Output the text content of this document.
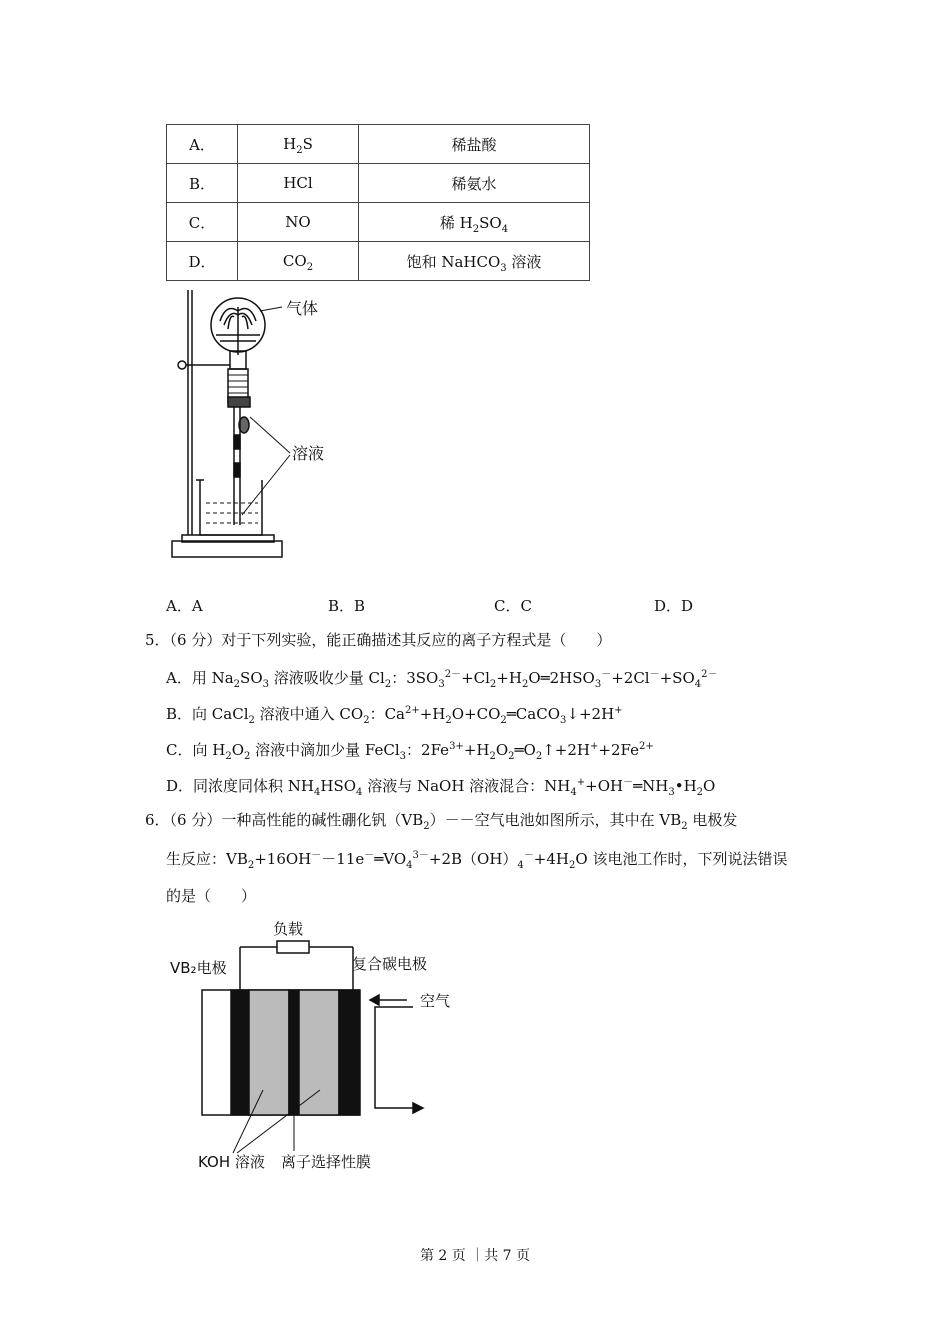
A．	$H_2S$	稀盐酸
B．	HCl	稀氨水
C．	NO	稀 $H_2SO_4$
D．	$CO_2$	饱和 NaHCO$_3$ 溶液
气体
溶液
A．A	B．B	C．C	D．D
5．（6 分）对于下列实验，能正确描述其反应的离子方程式是（　　）
A．用 $Na_2SO_3$ 溶液吸收少量 $Cl_2$：$3SO_3^{2-}+Cl_2+H_2O═2HSO_3^-+2Cl^-+SO_4^{2-}$
B．向 CaCl$_2$ 溶液中通入 $CO_2$：$Ca^{2+}+H_2O+CO_2═CaCO_3↓+2H^+$
C．向 $H_2O_2$ 溶液中滴加少量 FeCl$_3$：$2Fe^{3+}+H_2O_2═O_2↑+2H^++2Fe^{2+}$
D．同浓度同体积 $NH_4HSO_4$ 溶液与 NaOH 溶液混合：$NH_4^++OH^-═NH_3•H_2O$
6．（6 分）一种高性能的碱性硼化钒$(VB_2)--$空气电池如图所示，其中在 $VB_2$ 电极发
生反应：$VB_2+16OH^--11e^-═VO_4^{3-}+2B(OH)_4^-+4H_2O$ 该电池工作时，下列说法错误
的是（　　）
负载
VB₂电极	复合碳电极
空气
KOH 溶液 离子选择性膜
第 2 页 ｜共 7 页
